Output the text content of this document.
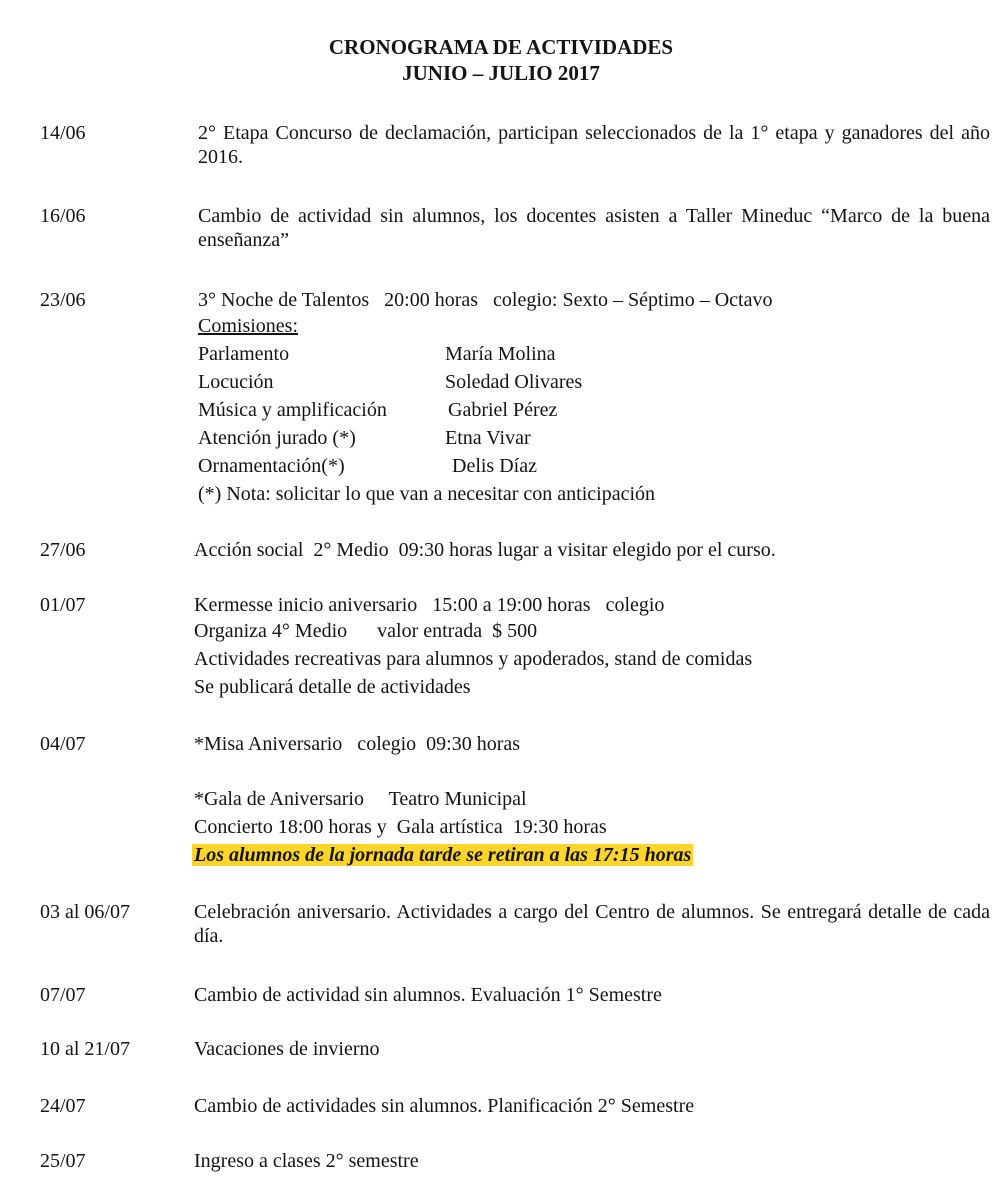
CRONOGRAMA DE ACTIVIDADES
JUNIO – JULIO 2017
14/06	2° Etapa Concurso de declamación, participan seleccionados de la 1° etapa y ganadores del año 2016.
16/06	Cambio de actividad sin alumnos, los docentes asisten a Taller Mineduc “Marco de la buena enseñanza”
23/06	3° Noche de Talentos   20:00 horas   colegio: Sexto – Séptimo – Octavo
Comisiones:
Parlamento	María Molina
Locución	Soledad Olivares
Música y amplificación	Gabriel Pérez
Atención jurado (*)	Etna Vivar
Ornamentación(*)	Delis Díaz
(*) Nota: solicitar lo que van a necesitar con anticipación
27/06	Acción social  2° Medio  09:30 horas lugar a visitar elegido por el curso.
01/07	Kermesse inicio aniversario   15:00 a 19:00 horas   colegio
Organiza 4° Medio      valor entrada  $ 500
Actividades recreativas para alumnos y apoderados, stand de comidas
Se publicará detalle de actividades
04/07	*Misa Aniversario   colegio  09:30 horas
*Gala de Aniversario     Teatro Municipal
Concierto 18:00 horas y  Gala artística  19:30 horas
Los alumnos de la jornada tarde se retiran a las 17:15 horas
03 al 06/07	Celebración aniversario. Actividades a cargo del Centro de alumnos. Se entregará detalle de cada día.
07/07	Cambio de actividad sin alumnos. Evaluación 1° Semestre
10 al 21/07	Vacaciones de invierno
24/07	Cambio de actividades sin alumnos. Planificación 2° Semestre
25/07	Ingreso a clases 2° semestre
